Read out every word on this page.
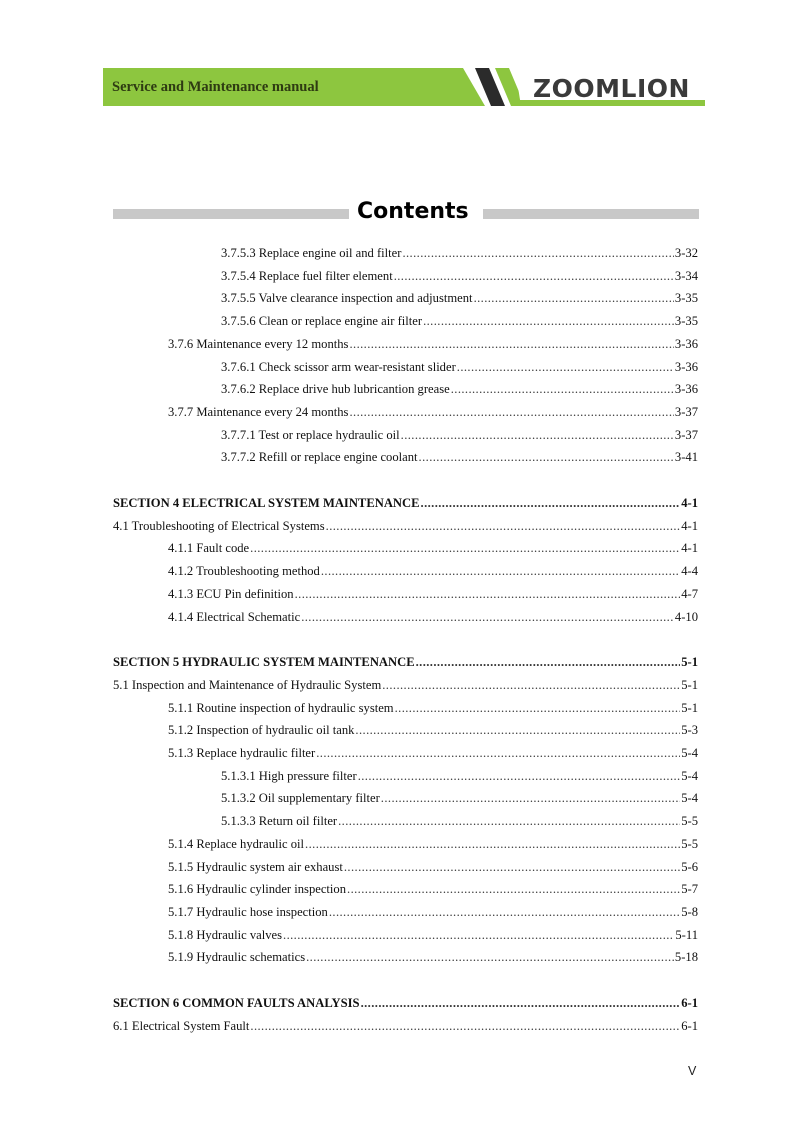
Service and Maintenance manual	ZOOMLION
Contents
3.7.5.3 Replace engine oil and filter .....	3-32
3.7.5.4 Replace fuel filter element .....	3-34
3.7.5.5 Valve clearance inspection and adjustment .....	3-35
3.7.5.6 Clean or replace engine air filter .....	3-35
3.7.6 Maintenance every 12 months .....	3-36
3.7.6.1 Check scissor arm wear-resistant slider .....	3-36
3.7.6.2 Replace drive hub lubricantion grease .....	3-36
3.7.7 Maintenance every 24 months .....	3-37
3.7.7.1 Test or replace hydraulic oil .....	3-37
3.7.7.2 Refill or replace engine coolant .....	3-41
SECTION 4 ELECTRICAL SYSTEM MAINTENANCE .....	4-1
4.1 Troubleshooting of Electrical Systems .....	4-1
4.1.1 Fault code .....	4-1
4.1.2 Troubleshooting method .....	4-4
4.1.3 ECU Pin definition .....	4-7
4.1.4 Electrical Schematic .....	4-10
SECTION 5 HYDRAULIC SYSTEM MAINTENANCE .....	5-1
5.1 Inspection and Maintenance of Hydraulic System .....	5-1
5.1.1 Routine inspection of hydraulic system .....	5-1
5.1.2 Inspection of hydraulic oil tank .....	5-3
5.1.3 Replace hydraulic filter .....	5-4
5.1.3.1 High pressure filter .....	5-4
5.1.3.2 Oil supplementary filter .....	5-4
5.1.3.3 Return oil filter .....	5-5
5.1.4 Replace hydraulic oil .....	5-5
5.1.5 Hydraulic system air exhaust .....	5-6
5.1.6 Hydraulic cylinder inspection .....	5-7
5.1.7 Hydraulic hose inspection .....	5-8
5.1.8 Hydraulic valves .....	5-11
5.1.9 Hydraulic schematics .....	5-18
SECTION 6 COMMON FAULTS ANALYSIS .....	6-1
6.1 Electrical System Fault .....	6-1
V
